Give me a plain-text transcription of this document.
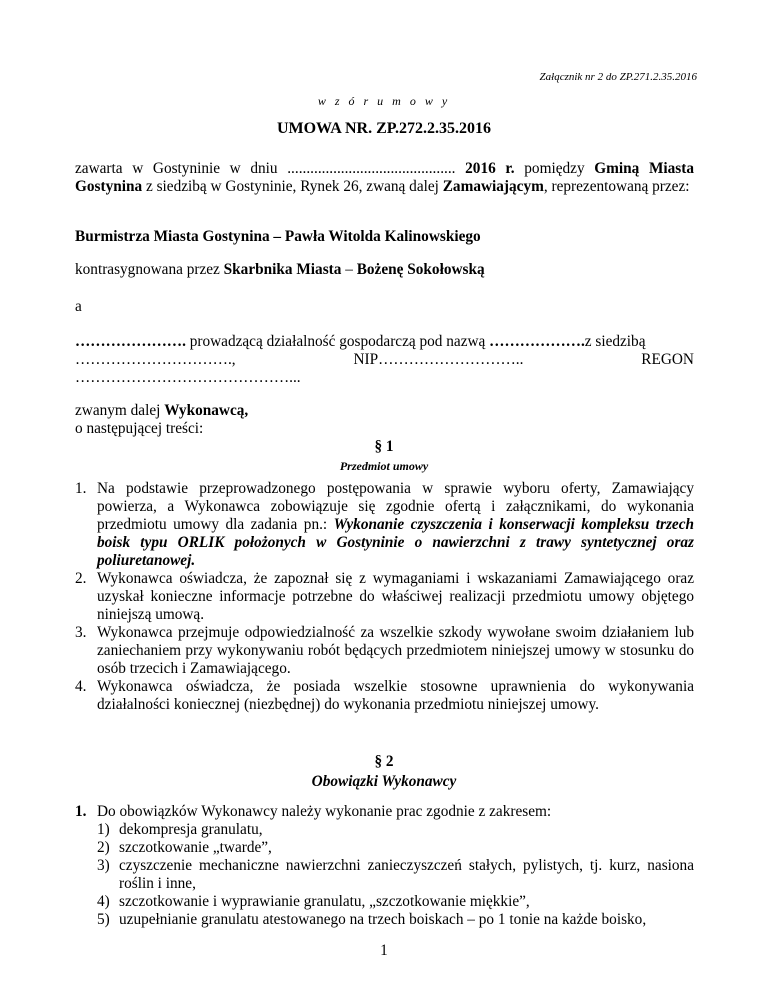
Załącznik nr 2 do ZP.271.2.35.2016
w z ó r u m o w y
UMOWA NR. ZP.272.2.35.2016
zawarta w Gostyninie w dniu ............................................ 2016 r. pomiędzy Gminą Miasta Gostynina z siedzibą w Gostyninie, Rynek 26, zwaną dalej Zamawiającym, reprezentowaną przez:
Burmistrza Miasta Gostynina – Pawła Witolda Kalinowskiego
kontrasygnowana przez Skarbnika Miasta – Bożenę Sokołowską
a
…………………. prowadzącą działalność gospodarczą pod nazwą ……………….z siedzibą
………………………….,	NIP………………………..	REGON
……………………………………...
zwanym dalej Wykonawcą,
o następującej treści:
§ 1
Przedmiot umowy
1. Na podstawie przeprowadzonego postępowania w sprawie wyboru oferty, Zamawiający powierza, a Wykonawca zobowiązuje się zgodnie ofertą i załącznikami, do wykonania przedmiotu umowy dla zadania pn.: Wykonanie czyszczenia i konserwacji kompleksu trzech boisk typu ORLIK położonych w Gostyninie o nawierzchni z trawy syntetycznej oraz poliuretanowej.
2. Wykonawca oświadcza, że zapoznał się z wymaganiami i wskazaniami Zamawiającego oraz uzyskał konieczne informacje potrzebne do właściwej realizacji przedmiotu umowy objętego niniejszą umową.
3. Wykonawca przejmuje odpowiedzialność za wszelkie szkody wywołane swoim działaniem lub zaniechaniem przy wykonywaniu robót będących przedmiotem niniejszej umowy w stosunku do osób trzecich i Zamawiającego.
4. Wykonawca oświadcza, że posiada wszelkie stosowne uprawnienia do wykonywania działalności koniecznej (niezbędnej) do wykonania przedmiotu niniejszej umowy.
§ 2
Obowiązki Wykonawcy
1. Do obowiązków Wykonawcy należy wykonanie prac zgodnie z zakresem:
1) dekompresja granulatu,
2) szczotkowanie „twarde”,
3) czyszczenie mechaniczne nawierzchni zanieczyszczeń stałych, pylistych, tj. kurz, nasiona roślin i inne,
4) szczotkowanie i wyprawianie granulatu, „szczotkowanie miękkie”,
5) uzupełnianie granulatu atestowanego na trzech boiskach – po 1 tonie na każde boisko,
1
